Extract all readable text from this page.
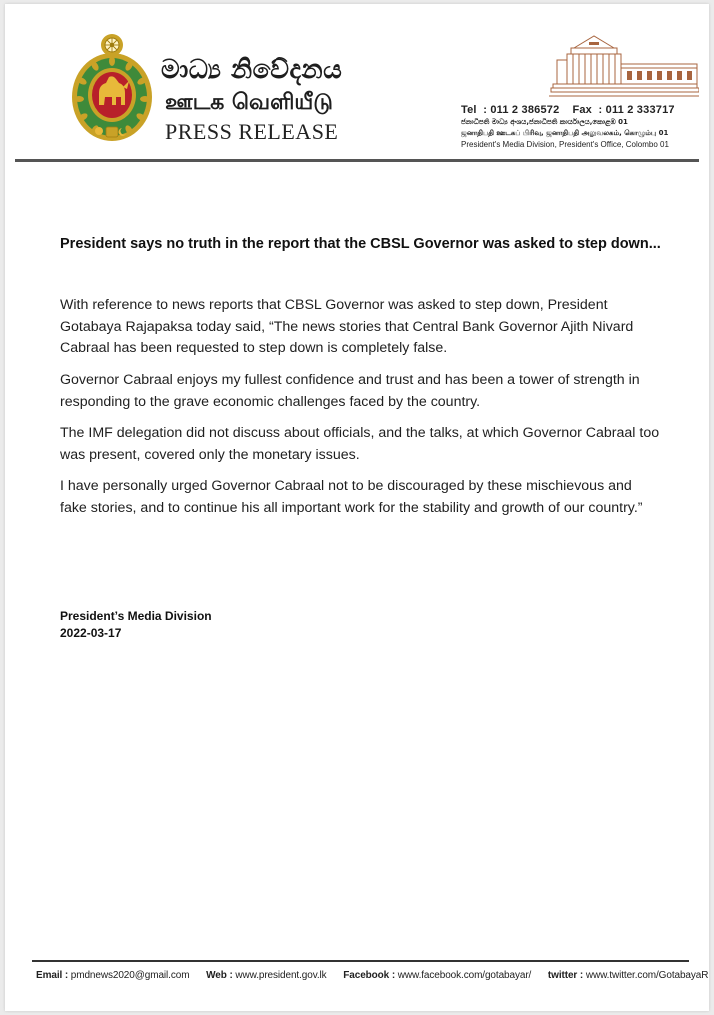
මාධ්‍ය නිවේදනය
ஊடக வெளியீடு
PRESS RELEASE
Tel : 011 2 386572 Fax : 011 2 333717
ජනාධිපති මාධ්‍ය අංශය,ජනාධිපති කාර්යාලය,කොළඹ 01
ஜனாதிபதி ஊடகப் பிரிவு, ஜனாதிபதி அலுவலகம், கொழும்பு 01
President's Media Division, President's Office, Colombo 01
President says no truth in the report that the CBSL Governor was asked to step down...

With reference to news reports that CBSL Governor was asked to step down, President Gotabaya Rajapaksa today said, “The news stories that Central Bank Governor Ajith Nivard Cabraal has been requested to step down is completely false.

Governor Cabraal enjoys my fullest confidence and trust and has been a tower of strength in responding to the grave economic challenges faced by the country.

The IMF delegation did not discuss about officials, and the talks, at which Governor Cabraal too was present, covered only the monetary issues.

I have personally urged Governor Cabraal not to be discouraged by these mischievous and fake stories, and to continue his all important work for the stability and growth of our country.”

President’s Media Division
2022-03-17
Email : pmdnews2020@gmail.com Web : www.president.gov.lk Facebook : www.facebook.com/gotabayar/ twitter : www.twitter.com/GotabayaR
